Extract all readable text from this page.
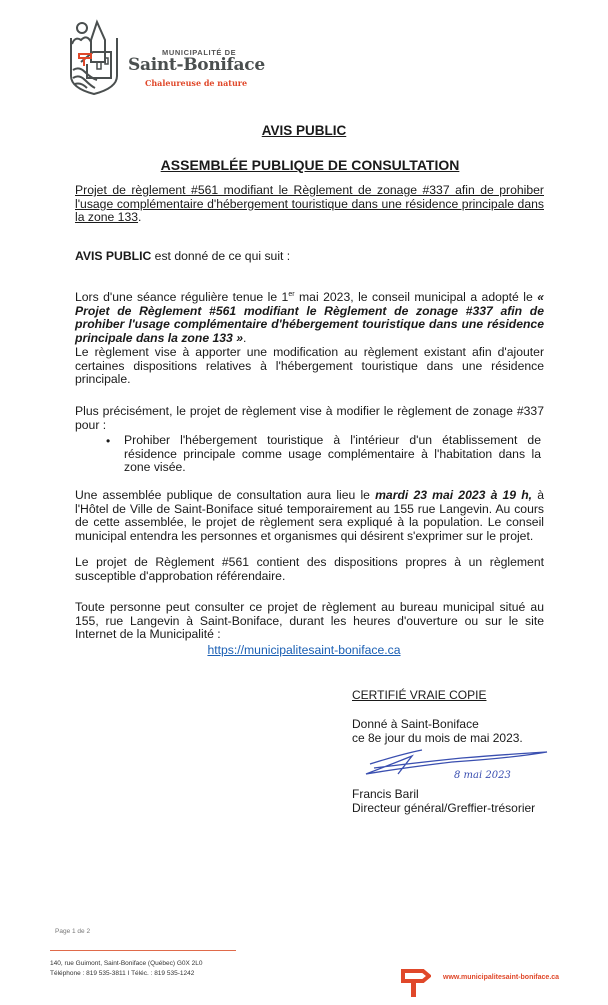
MUNICIPALITÉ DE
Saint-Boniface
Chaleureuse de nature
AVIS PUBLIC
ASSEMBLÉE PUBLIQUE DE CONSULTATION
Projet de règlement #561 modifiant le Règlement de zonage #337 afin de prohiber l'usage complémentaire d'hébergement touristique dans une résidence principale dans la zone 133.
AVIS PUBLIC est donné de ce qui suit :
Lors d'une séance régulière tenue le 1er mai 2023, le conseil municipal a adopté le « Projet de Règlement #561 modifiant le Règlement de zonage #337 afin de prohiber l'usage complémentaire d'hébergement touristique dans une résidence principale dans la zone 133 ».
Le règlement vise à apporter une modification au règlement existant afin d'ajouter certaines dispositions relatives à l'hébergement touristique dans une résidence principale.
Plus précisément, le projet de règlement vise à modifier le règlement de zonage #337 pour :
• Prohiber l'hébergement touristique à l'intérieur d'un établissement de résidence principale comme usage complémentaire à l'habitation dans la zone visée.
Une assemblée publique de consultation aura lieu le mardi 23 mai 2023 à 19 h, à l'Hôtel de Ville de Saint-Boniface situé temporairement au 155 rue Langevin. Au cours de cette assemblée, le projet de règlement sera expliqué à la population. Le conseil municipal entendra les personnes et organismes qui désirent s'exprimer sur le projet.
Le projet de Règlement #561 contient des dispositions propres à un règlement susceptible d'approbation référendaire.
Toute personne peut consulter ce projet de règlement au bureau municipal situé au 155, rue Langevin à Saint-Boniface, durant les heures d'ouverture ou sur le site Internet de la Municipalité :
https://municipalitesaint-boniface.ca
CERTIFIÉ VRAIE COPIE
Donné à Saint-Boniface
ce 8e jour du mois de mai 2023.
8 mai 2023
Francis Baril
Directeur général/Greffier-trésorier
Page 1 de 2
140, rue Guimont, Saint-Boniface (Québec) G0X 2L0
Téléphone : 819 535-3811 I Téléc. : 819 535-1242
www.municipalitesaint-boniface.ca
